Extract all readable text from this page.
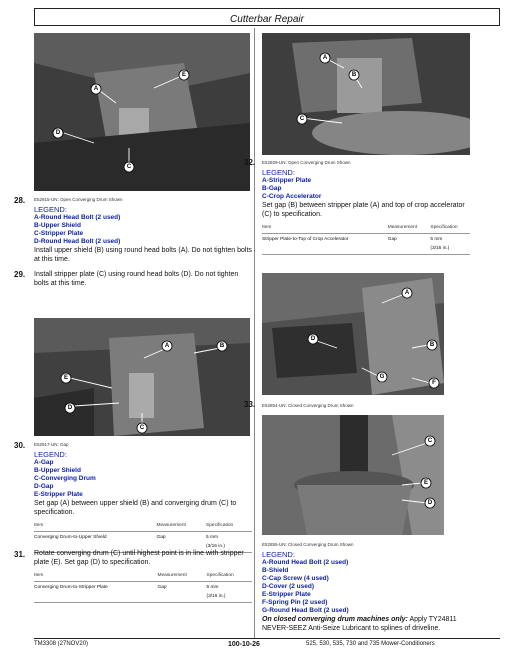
Cutterbar Repair
E
A
D
C
28. E52915-UN: Open Converging Drum Shown
LEGEND:
A-Round Head Bolt (2 used)
B-Upper Shield
C-Stripper Plate
D-Round Head Bolt (2 used)
Install upper shield (B) using round head bolts (A). Do not tighten bolts at this time.
29. Install stripper plate (C) using round head bolts (D). Do not tighten bolts at this time.
A	B
E
D
C
30. E52917-UN: Gap
LEGEND:
A-Gap
B-Upper Shield
C-Converging Drum
D-Gap
E-Stripper Plate
Set gap (A) between upper shield (B) and converging drum (C) to specification.
Item	Measurement	Specification
Converging Drum-to-Upper Shield	Gap	5 mm
(3/16 in.)
31. Rotate converging drum (C) until highest point is in line with stripper plate (E). Set gap (D) to specification.
Item	Measurement	Specification
Converging Drum-to-Stripper Plate	Gap	5 mm
(3/16 in.)
A
B
C
32. E52929-UN: Open Converging Drum Shown
LEGEND:
A-Stripper Plate
B-Gap
C-Crop Accelerator
Set gap (B) between stripper plate (A) and top of crop accelerator (C) to specification.
Item	Measurement	Specification
Stripper Plate-to-Top of Crop Accelerator	Gap	5 mm
(3/16 in.)
A
D
B
G
F
33. E52854-UN: Closed Converging Drum Shown
C
E
D
E52855-UN: Closed Converging Drum Shown
LEGEND:
A-Round Head Bolt (2 used)
B-Shield
C-Cap Screw (4 used)
D-Cover (2 used)
E-Stripper Plate
F-Spring Pin (2 used)
G-Round Head Bolt (2 used)
On closed converging drum machines only: Apply TY24811 NEVER-SEEZ Anti-Seize Lubricant to splines of driveline.
TM3308 (27NOV20)	100-10-26	525, 530, 535, 730 and 735 Mower-Conditioners
